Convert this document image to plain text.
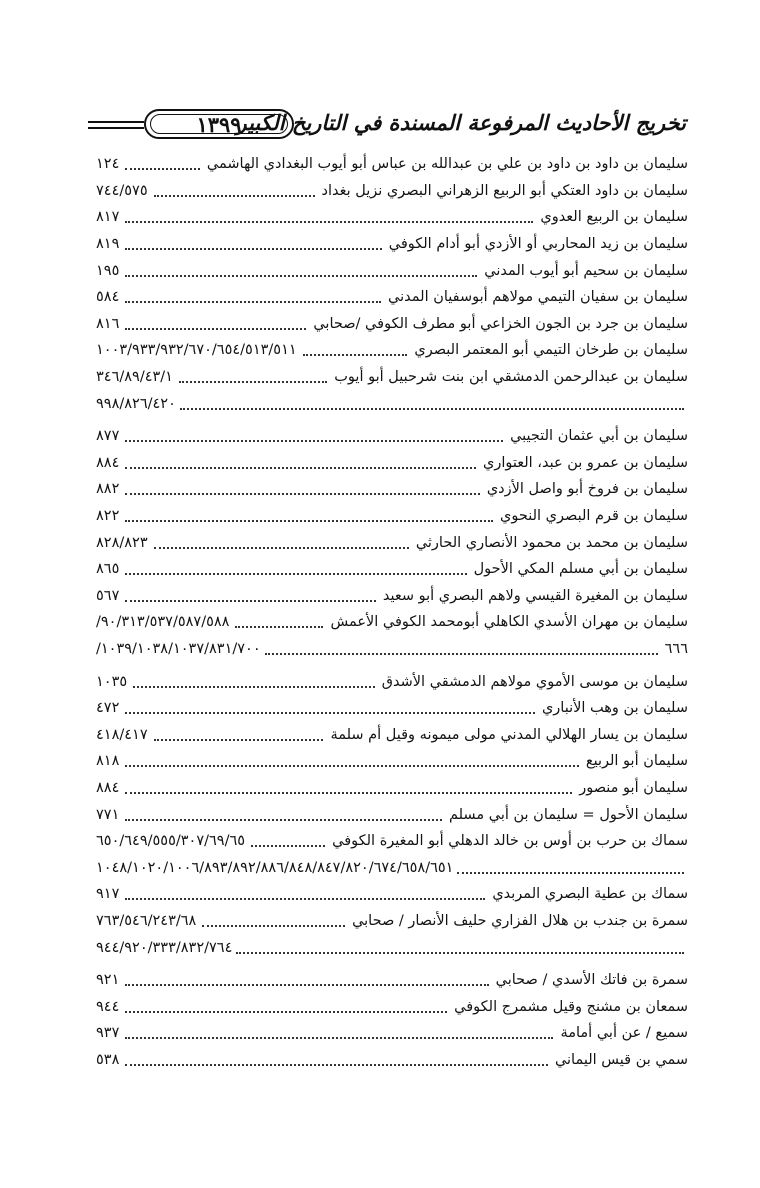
١٣٩٩
تخريج الأحاديث المرفوعة المسندة في التاريخ الكبير
سليمان بن داود بن داود بن علي بن عبدالله بن عباس أبو أيوب البغدادي الهاشمي
١٢٤
سليمان بن داود العتكي أبو الربيع الزهراني البصري نزيل بغداد
٧٤٤/٥٧٥
سليمان بن الربيع العدوي
٨١٧
سليمان بن زيد المحاربي أو الأزدي أبو أدام الكوفي
٨١٩
سليمان بن سحيم أبو أيوب المدني
١٩٥
سليمان بن سفيان التيمي مولاهم أبوسفيان المدني
٥٨٤
سليمان بن جرد بن الجون الخزاعي أبو مطرف الكوفي /صحابي
٨١٦
سليمان بن طرخان التيمي أبو المعتمر البصري
١٠٠٣/٩٣٣/٩٣٢/٦٧٠/٦٥٤/٥١٣/٥١١
سليمان بن عبدالرحمن الدمشقي ابن بنت شرحبيل أبو أيوب
٣٤٦/٨٩/٤٣/١
٩٩٨/٨٢٦/٤٢٠
سليمان بن أبي عثمان التجيبي
٨٧٧
سليمان بن عمرو بن عبد، العتواري
٨٨٤
سليمان بن فروخ أبو واصل الأزدي
٨٨٢
سليمان بن قرم البصري النحوي
٨٢٢
سليمان بن محمد بن محمود الأنصاري الحارثي
٨٢٨/٨٢٣
سليمان بن أبي مسلم المكي الأحول
٨٦٥
سليمان بن المغيرة القيسي ولاهم البصري أبو سعيد
٥٦٧
سليمان بن مهران الأسدي الكاهلي أبومحمد الكوفي الأعمش
٩٠/٣١٣/٥٣٧/٥٨٧/٥٨٨/
٦٦٦
١٠٣٩/١٠٣٨/١٠٣٧/٨٣١/٧٠٠/
سليمان بن موسى الأموي مولاهم الدمشقي الأشدق
١٠٣٥
سليمان بن وهب الأنباري
٤٧٢
سليمان بن يسار الهلالي المدني مولى ميمونه وقيل أم سلمة
٤١٨/٤١٧
سليمان أبو الربيع
٨١٨
سليمان أبو منصور
٨٨٤
سليمان الأحول = سليمان بن أبي مسلم
٧٧١
سماك بن حرب بن أوس بن خالد الدهلي أبو المغيرة الكوفي
٦٥٠/٦٤٩/٥٥٥/٣٠٧/٦٩/٦٥
١٠٤٨/١٠٢٠/١٠٠٦/٨٩٣/٨٩٢/٨٨٦/٨٤٨/٨٤٧/٨٢٠/٦٧٤/٦٥٨/٦٥١
سماك بن عطية البصري المربدي
٩١٧
سمرة بن جندب بن هلال الفزاري حليف الأنصار / صحابي
٧٦٣/٥٤٦/٢٤٣/٦٨
٩٤٤/٩٢٠/٣٣٣/٨٣٢/٧٦٤
سمرة بن فاتك الأسدي / صحابي
٩٢١
سمعان بن مشنج وقيل مشمرج الكوفي
٩٤٤
سميع / عن أبي أمامة
٩٣٧
سمي بن قيس اليماني
٥٣٨
